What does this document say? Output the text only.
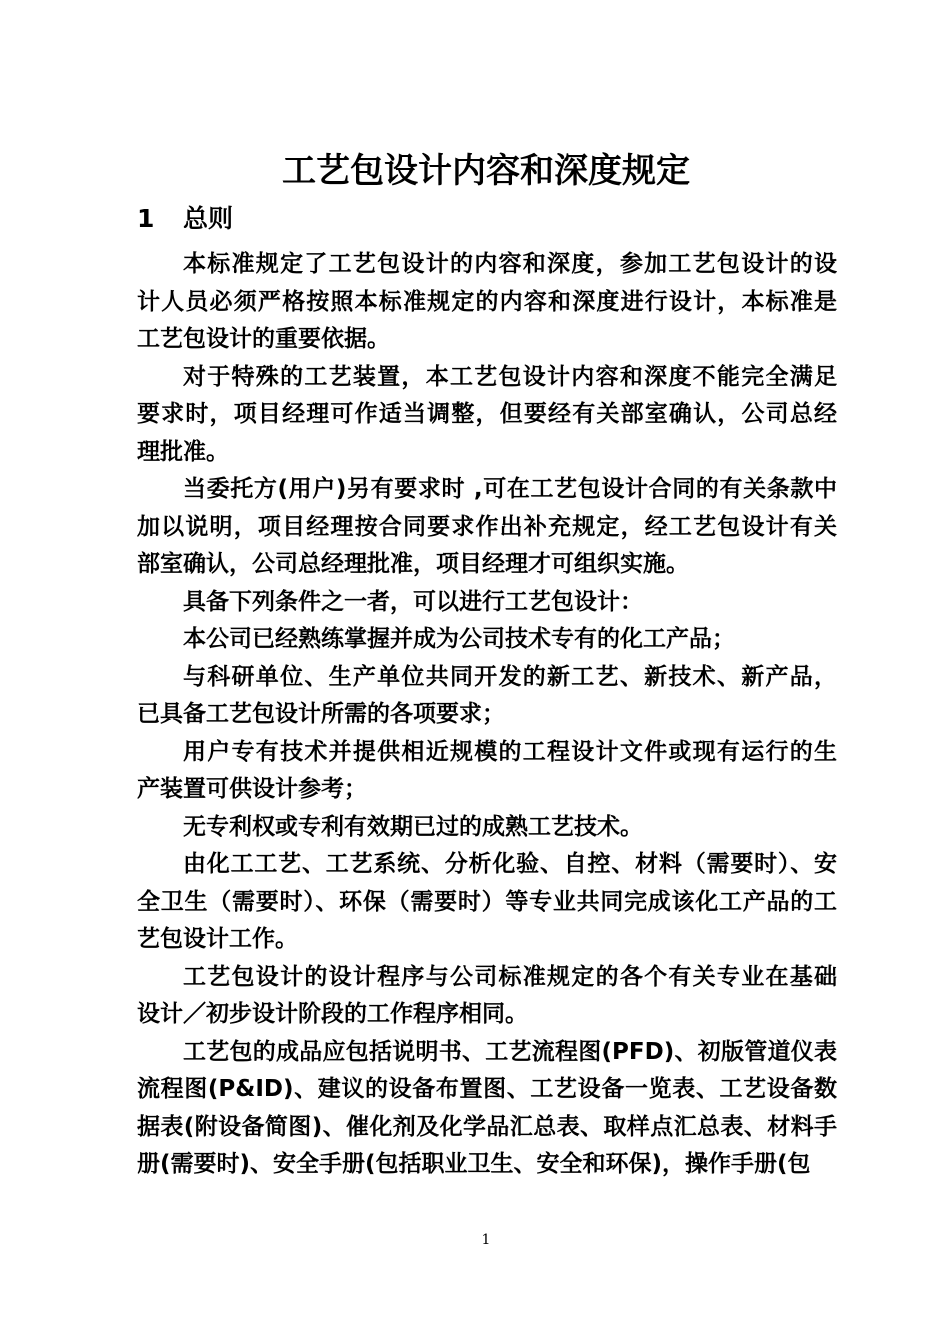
工艺包设计内容和深度规定
1 总则
本标准规定了工艺包设计的内容和深度，参加工艺包设计的设
计人员必须严格按照本标准规定的内容和深度进行设计，本标准是
工艺包设计的重要依据。
对于特殊的工艺装置，本工艺包设计内容和深度不能完全满足
要求时，项目经理可作适当调整，但要经有关部室确认，公司总经
理批准。
当委托方(用户)另有要求时 ,可在工艺包设计合同的有关条款中
加以说明，项目经理按合同要求作出补充规定，经工艺包设计有关
部室确认，公司总经理批准，项目经理才可组织实施。
具备下列条件之一者，可以进行工艺包设计：
本公司已经熟练掌握并成为公司技术专有的化工产品；
与科研单位、生产单位共同开发的新工艺、新技术、新产品，
已具备工艺包设计所需的各项要求；
用户专有技术并提供相近规模的工程设计文件或现有运行的生
产装置可供设计参考；
无专利权或专利有效期已过的成熟工艺技术。
由化工工艺、工艺系统、分析化验、自控、材料（需要时）、安
全卫生（需要时）、环保（需要时）等专业共同完成该化工产品的工
艺包设计工作。
工艺包设计的设计程序与公司标准规定的各个有关专业在基础
设计／初步设计阶段的工作程序相同。
工艺包的成品应包括说明书、工艺流程图(PFD)、初版管道仪表
流程图(P&ID)、建议的设备布置图、工艺设备一览表、工艺设备数
据表(附设备简图)、催化剂及化学品汇总表、取样点汇总表、材料手
册(需要时)、安全手册(包括职业卫生、安全和环保)，操作手册(包
1
